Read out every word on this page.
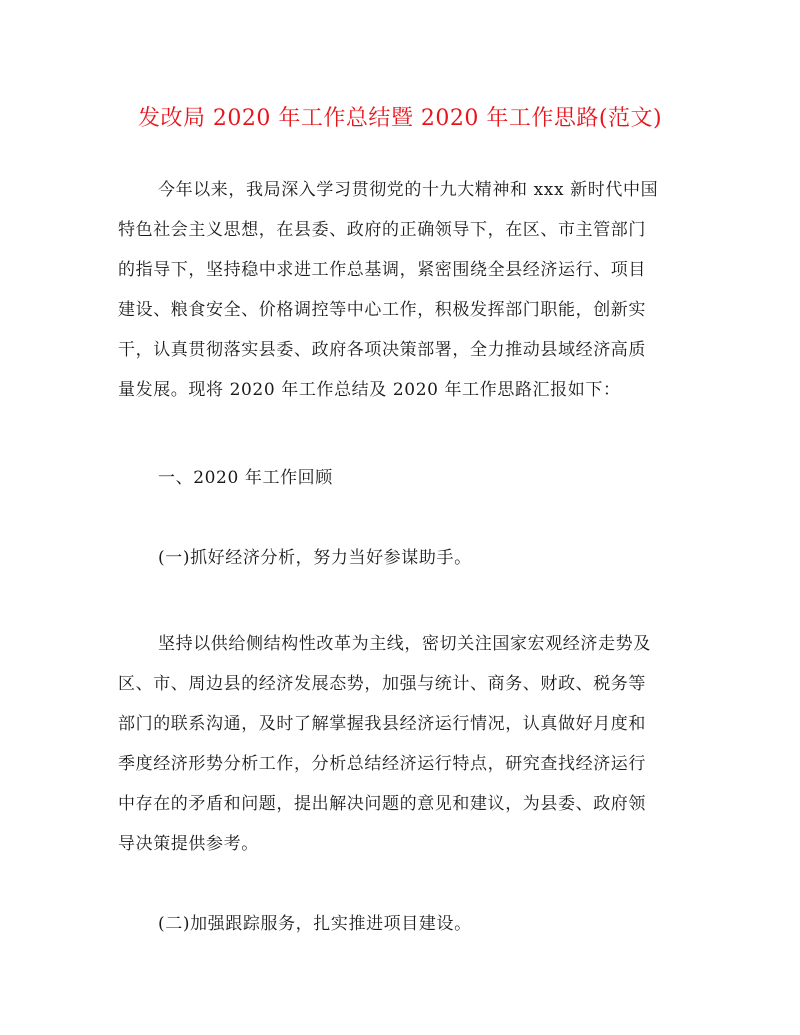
发改局 2020 年工作总结暨 2020 年工作思路(范文)
今年以来，我局深入学习贯彻党的十九大精神和 xxx 新时代中国
特色社会主义思想，在县委、政府的正确领导下，在区、市主管部门
的指导下，坚持稳中求进工作总基调，紧密围绕全县经济运行、项目
建设、粮食安全、价格调控等中心工作，积极发挥部门职能，创新实
干，认真贯彻落实县委、政府各项决策部署，全力推动县域经济高质
量发展。现将 2020 年工作总结及 2020 年工作思路汇报如下：
一、2020 年工作回顾
(一)抓好经济分析，努力当好参谋助手。
坚持以供给侧结构性改革为主线，密切关注国家宏观经济走势及
区、市、周边县的经济发展态势，加强与统计、商务、财政、税务等
部门的联系沟通，及时了解掌握我县经济运行情况，认真做好月度和
季度经济形势分析工作，分析总结经济运行特点，研究查找经济运行
中存在的矛盾和问题，提出解决问题的意见和建议，为县委、政府领
导决策提供参考。
(二)加强跟踪服务，扎实推进项目建设。
